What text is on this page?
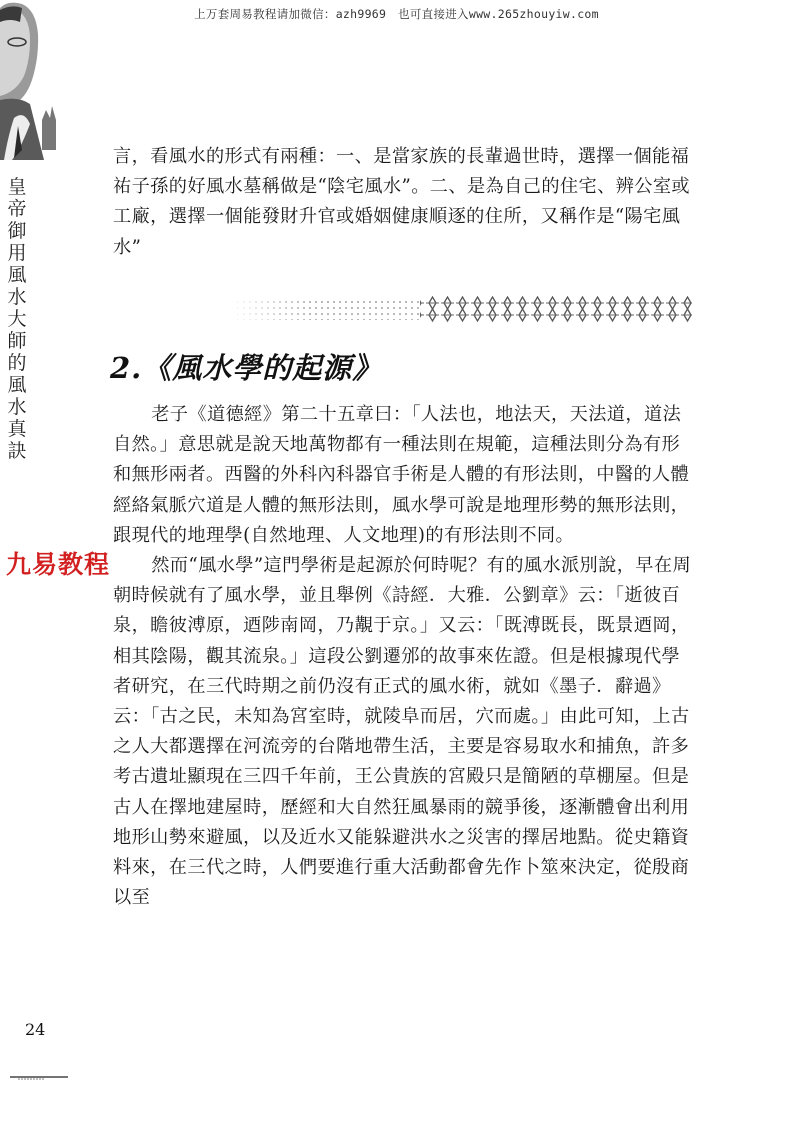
上万套周易教程请加微信：azh9969　也可直接进入www.265zhouyiw.com
皇帝御用風水大師的風水真訣

言，看風水的形式有兩種：一、是當家族的長輩過世時，選擇一個能福祐子孫的好風水墓稱做是“陰宅風水”。二、是為自己的住宅、辨公室或工廠，選擇一個能發財升官或婚姻健康順逐的住所，又稱作是“陽宅風水”

2.《風水學的起源》

老子《道德經》第二十五章曰：「人法也，地法天，天法道，道法自然。」意思就是說天地萬物都有一種法則在規範，這種法則分為有形和無形兩者。西醫的外科內科器官手術是人體的有形法則，中醫的人體經絡氣脈穴道是人體的無形法則，風水學可說是地理形勢的無形法則，跟現代的地理學(自然地理、人文地理)的有形法則不同。

然而“風水學”這門學術是起源於何時呢？有的風水派別說，早在周朝時候就有了風水學，並且舉例《詩經．大雅．公劉章》云：「逝彼百泉，瞻彼溥原，迺陟南岡，乃覯于京。」又云：「既溥既長，既景迺岡，相其陰陽，觀其流泉。」這段公劉遷邠的故事來佐證。但是根據現代學者研究，在三代時期之前仍沒有正式的風水術，就如《墨子．辭過》云：「古之民，未知為宮室時，就陵阜而居，穴而處。」由此可知，上古之人大都選擇在河流旁的台階地帶生活，主要是容易取水和捕魚，許多考古遺址顯現在三四千年前，王公貴族的宮殿只是簡陋的草棚屋。但是古人在擇地建屋時，歷經和大自然狂風暴雨的競爭後，逐漸體會出利用地形山勢來避風，以及近水又能躲避洪水之災害的擇居地點。從史籍資料來，在三代之時，人們要進行重大活動都會先作卜筮來決定，從殷商以至

九易教程
24
